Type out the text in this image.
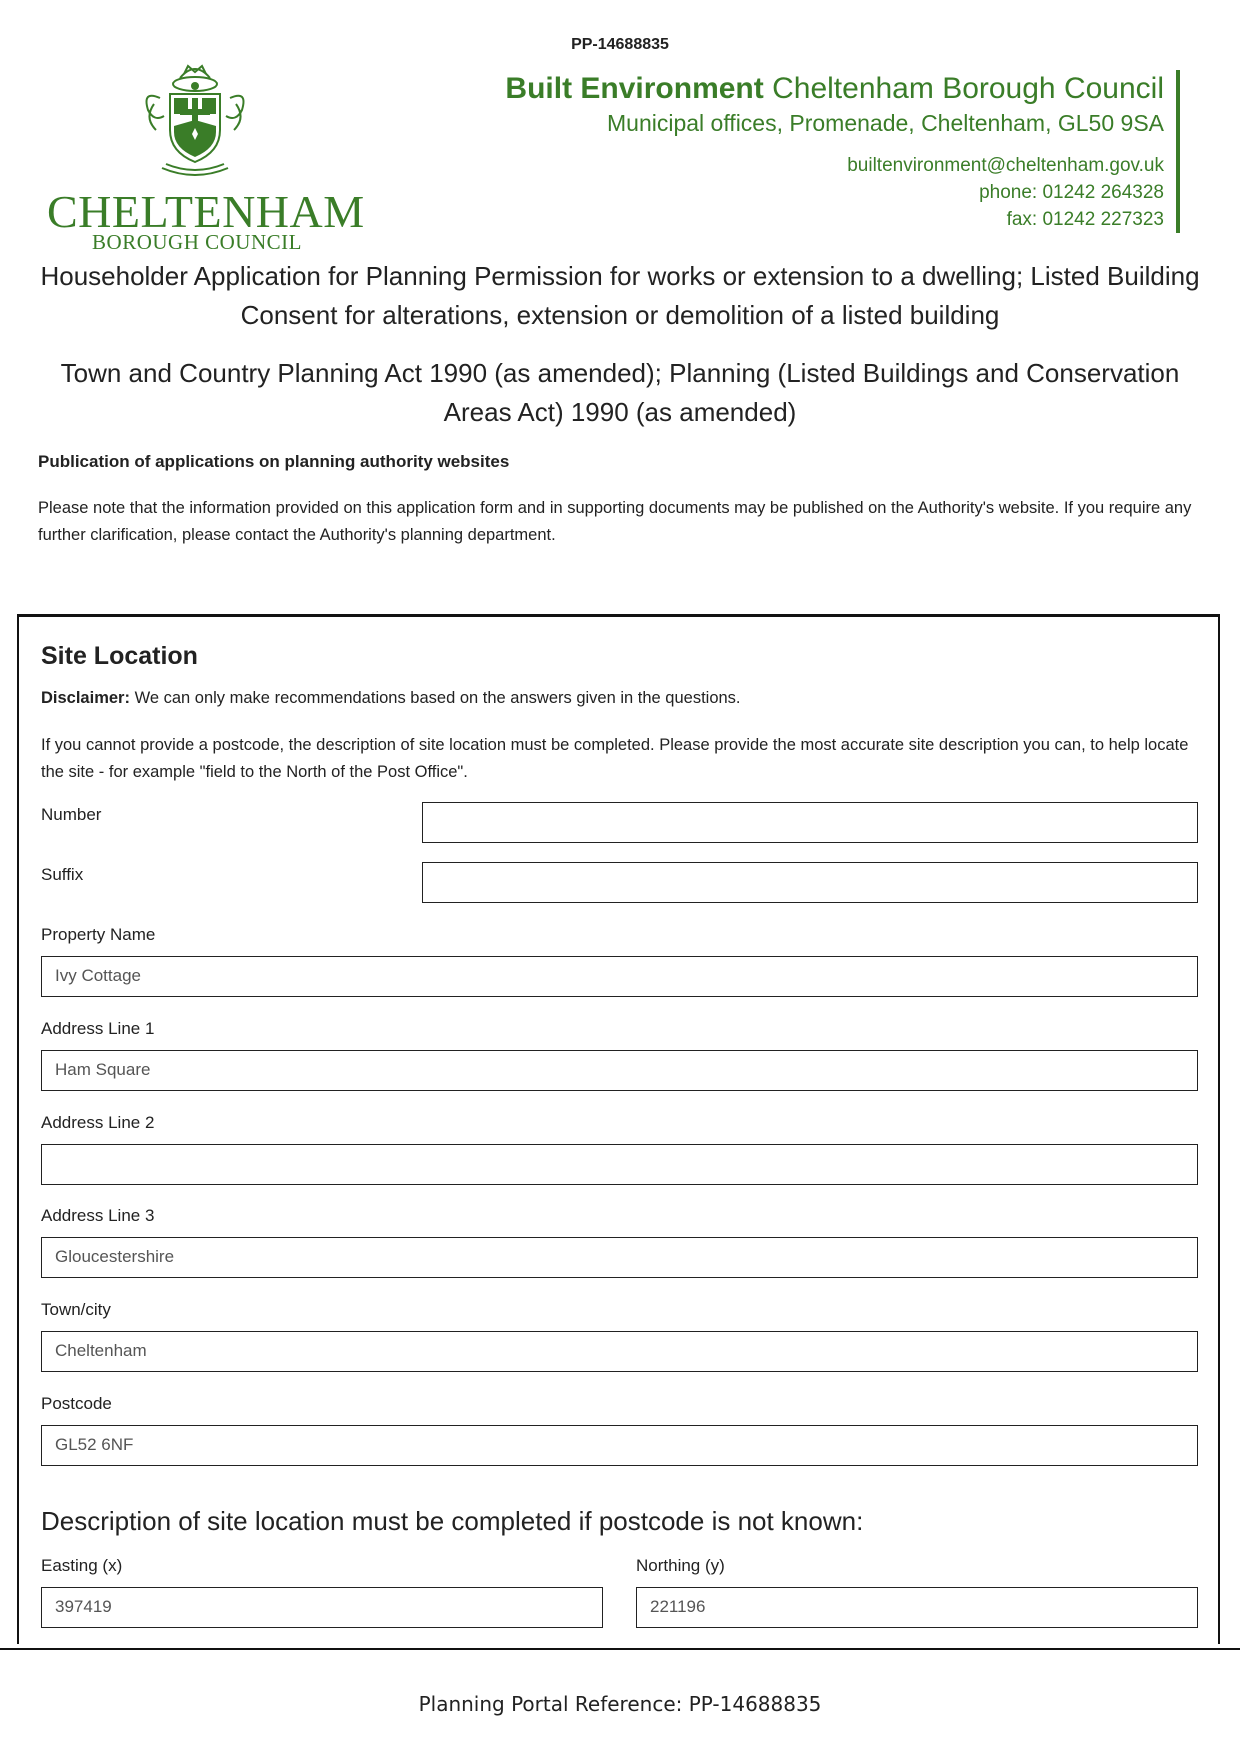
PP-14688835
CHELTENHAM
BOROUGH COUNCIL
Built Environment Cheltenham Borough Council
Municipal offices, Promenade, Cheltenham, GL50 9SA
builtenvironment@cheltenham.gov.uk
phone: 01242 264328
fax: 01242 227323
Householder Application for Planning Permission for works or extension to a dwelling; Listed Building Consent for alterations, extension or demolition of a listed building
Town and Country Planning Act 1990 (as amended); Planning (Listed Buildings and Conservation Areas Act) 1990 (as amended)
Publication of applications on planning authority websites
Please note that the information provided on this application form and in supporting documents may be published on the Authority's website. If you require any further clarification, please contact the Authority's planning department.
Site Location
Disclaimer: We can only make recommendations based on the answers given in the questions.
If you cannot provide a postcode, the description of site location must be completed. Please provide the most accurate site description you can, to help locate the site - for example "field to the North of the Post Office".
Number
Suffix
Property Name
Ivy Cottage
Address Line 1
Ham Square
Address Line 2
Address Line 3
Gloucestershire
Town/city
Cheltenham
Postcode
GL52 6NF
Description of site location must be completed if postcode is not known:
Easting (x)
397419
Northing (y)
221196
Planning Portal Reference: PP-14688835
